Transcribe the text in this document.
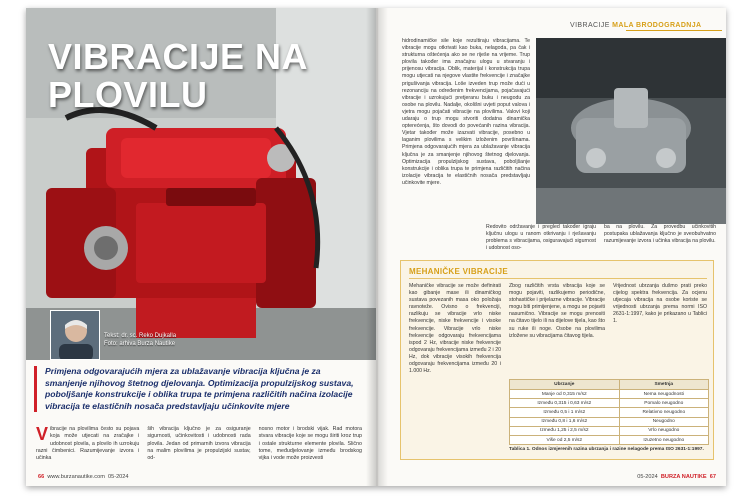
VIBRACIJE NA
PLOVILU
Tekst: dr. sc. Reko Dujkalla
Foto: arhiva Burza Nautike
Primjena odgovarajućih mjera za ublažavanje vibracija ključna je za smanjenje njihovog štetnog djelovanja. Optimizacija propulzijskog sustava, poboljšanje konstrukcije i oblika trupa te primjena različitih načina izolacije vibracija te elastičnih nosača predstavljaju učinkovite mjere
V ibracije na plovilima često su pojava koja može utjecati na zračajke i udobnost plovila, a plovilo ih uzrokuju razni čimbenici. Razumijevanje izvora i učinka
ših vibracija ključno je za osiguranje sigurnosti, učinkovitosti i udobnosti rada plovila. Jedan od primarnih izvora vibracija na malim plovilima je propulzijski sustav, od-
nosno motor i brodski vijak. Rad motora stvara vibracije koje se mogu širiti kroz trup i ostale strukturne elemente plovila. Slično tome, međudjelovanje između brodskog vijka i vode može proizvesti
66 www.burzanautike.com 05-2024
VIBRACIJE MALA BRODOGRADNJA
hidrodinamičke sile koje rezultiraju vibracijama. Te vibracije mogu otkrivati kao buka, nelagoda, pa čak i strukturna oštećenja ako se ne riješe na vrijeme. Trup plovila također ima značajnu ulogu u stvaranju i prijenosu vibracija. Oblik, materijal i konstrukcija trupa mogu utjecati na njegove vlastite frekvencije i značajke prigušivanja vibracija. Loše izveden trup može dući u rezonanciju na određenim frekvencijama, pojačavajući vibracije i uzrokujući pretjeranu buku i neugodu za osobe na plovilu. Nadalje, okolišni uvjeti poput valova i vjetra mogu pojačati vibracije na plovilima. Valovi koji udaraju o trup mogu stvoriti dodatna dinamička opterećenja, što dovodi do povećanih razina vibracija. Vjetar također može izazvati vibracije, posebno u laganim plovilima s velikim izloženim površinama. Primjena odgovarajućih mjera za ublažavanje vibracija ključna je za smanjenje njihovog štetnog djelovanja. Optimizacija propulzijskog sustava, poboljšanje konstrukcije i oblika trupa te primjena različitih načina izolacije vibracija te elastičnih nosača predstavljaju učinkovite mjere.
Redovito održavanje i pregled također igraju ključnu ulogu u ranom otkrivanju i rješavanju problema s vibracijama, osiguravajući sigurnost i udobnost oso-
ba na plovilu. Za provedbu učinkovitih postupaka ublažavanja ključno je sveobuhvatno razumijevanje izvora i učinka vibracija na plovilu.
MEHANIČKE VIBRACIJE
Mehaničke vibracije se može definirati kao gibanje mase ili dinamičkog sustava povezanih masa oko položaja ravnoteže. Ovisno o frekvenciji, razlikuju se vibracije vrlo niske frekvencije, niske frekvencije i visoke frekvencije. Vibracije vrlo niske frekvencije odgovaraju frekvencijama ispod 2 Hz, vibracije niske frekvencije odgovaraju frekvencijama između 2 i 20 Hz, dok vibracije visokih frekvencija odgovaraju frekvencijama između 20 i 1.000 Hz.
Zbog različitih vrsta vibracija koje se mogu pojaviti, razlikujemo periodične, stohastičke i prijelazne vibracije. Vibracije mogu biti primijenjene, a mogu se pojaviti nasumično. Vibracije se mogu prenositi na čitavo tijelo ili na dijelove tijela, kao što su ruke ili noge. Osobe na plovilima izložene su vibracijama čitavog tijela.
Vrijednost ubrzanja dušmo prati preko cijelog spektra frekvencija. Za ocjenu utjecaja vibracija na osobe koriste se vrijednosti ubrzanja prema normi ISO 2631-1:1997, kako je prikazano u Tablici 1.
Ubrzanje	Smetnja
Manje od 0,315 m/s2	Nema neugodnosti
Između 0,315 i 0,63 m/s2	Pomalo neugodno
Između 0,5 i 1 m/s2	Relativno neugodno
Između 0,8 i 1,6 m/s2	Neugodno
Između 1,25 i 2,5 m/s2	Vrlo neugodno
Više od 2,5 m/s2	Izuzetno neugodno
Tablica 1. Odnos izmjerenih razina ubrzanja i razine nelagode prema ISO 2631-1:1997.
05-2024 BURZA NAUTIKE 67
